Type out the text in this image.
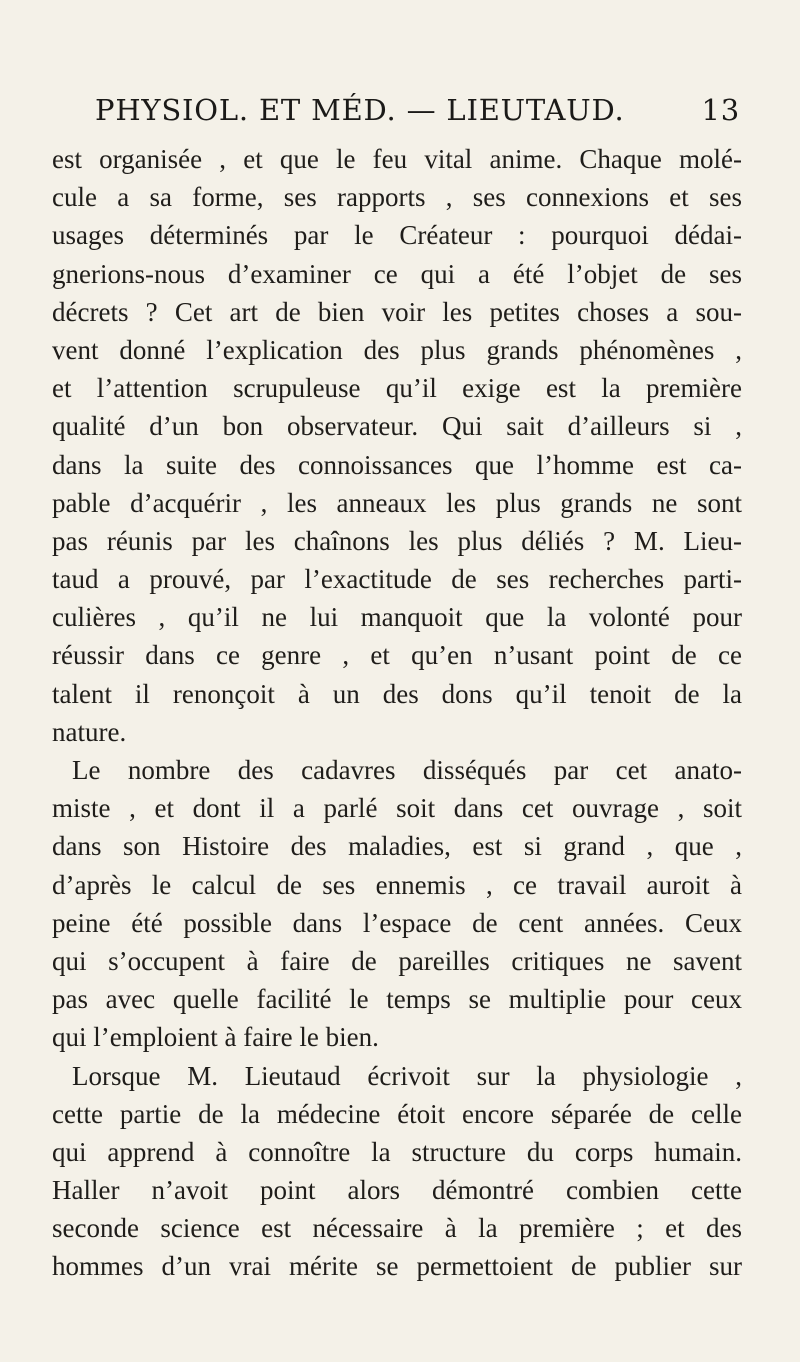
PHYSIOL. ET MÉD. — LIEUTAUD.	13
est organisée , et que le feu vital anime. Chaque molé-
cule a sa forme, ses rapports , ses connexions et ses
usages déterminés par le Créateur : pourquoi dédai-
gnerions-nous d’examiner ce qui a été l’objet de ses
décrets ? Cet art de bien voir les petites choses a sou-
vent donné l’explication des plus grands phénomènes ,
et l’attention scrupuleuse qu’il exige est la première
qualité d’un bon observateur. Qui sait d’ailleurs si ,
dans la suite des connoissances que l’homme est ca-
pable d’acquérir , les anneaux les plus grands ne sont
pas réunis par les chaînons les plus déliés ? M. Lieu-
taud a prouvé, par l’exactitude de ses recherches parti-
culières , qu’il ne lui manquoit que la volonté pour
réussir dans ce genre , et qu’en n’usant point de ce
talent il renonçoit à un des dons qu’il tenoit de la
nature.
Le nombre des cadavres disséqués par cet anato-
miste , et dont il a parlé soit dans cet ouvrage , soit
dans son Histoire des maladies, est si grand , que ,
d’après le calcul de ses ennemis , ce travail auroit à
peine été possible dans l’espace de cent années. Ceux
qui s’occupent à faire de pareilles critiques ne savent
pas avec quelle facilité le temps se multiplie pour ceux
qui l’emploient à faire le bien.
Lorsque M. Lieutaud écrivoit sur la physiologie ,
cette partie de la médecine étoit encore séparée de celle
qui apprend à connoître la structure du corps humain.
Haller n’avoit point alors démontré combien cette
seconde science est nécessaire à la première ; et des
hommes d’un vrai mérite se permettoient de publier sur
